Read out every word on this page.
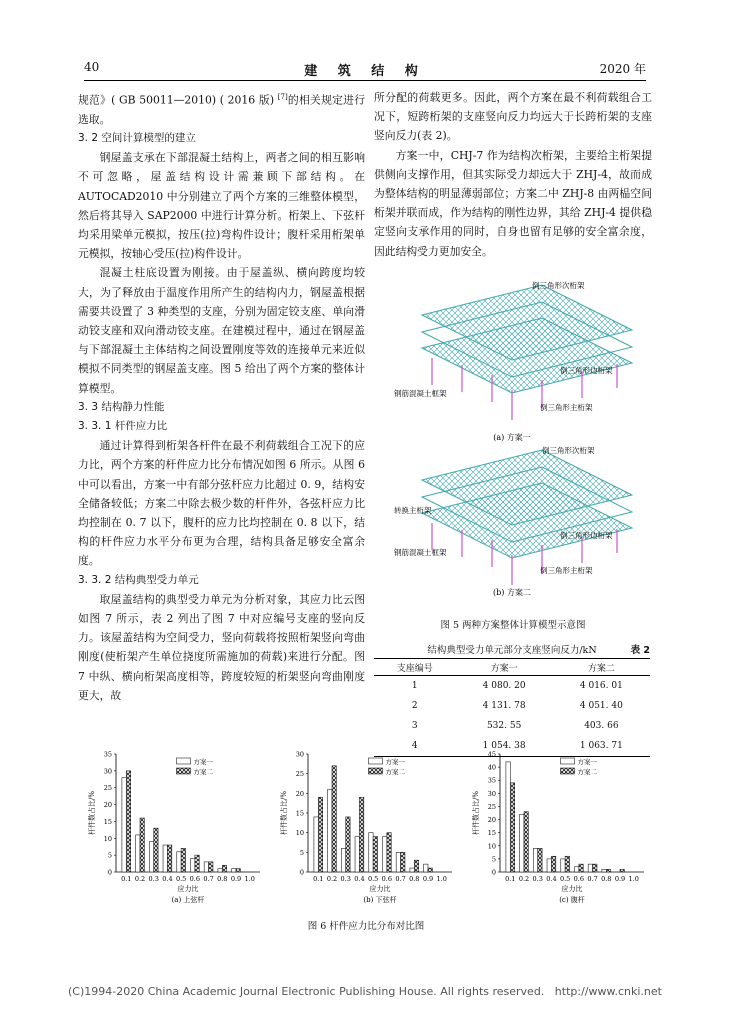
40	建 筑 结 构	2020 年

规范》( GB 50011—2010) ( 2016 版) [7]的相关规定进行选取。

3. 2 空间计算模型的建立

钢屋盖支承在下部混凝土结构上，两者之间的相互影响不可忽略，屋盖结构设计需兼顾下部结构。在 AUTOCAD2010 中分别建立了两个方案的三维整体模型，然后将其导入 SAP2000 中进行计算分析。桁架上、下弦杆均采用梁单元模拟，按压(拉)弯构件设计；腹杆采用桁架单元模拟，按轴心受压(拉)构件设计。

混凝土柱底设置为刚接。由于屋盖纵、横向跨度均较大，为了释放由于温度作用所产生的结构内力，钢屋盖根据需要共设置了 3 种类型的支座，分别为固定铰支座、单向滑动铰支座和双向滑动铰支座。在建模过程中，通过在钢屋盖与下部混凝土主体结构之间设置刚度等效的连接单元来近似模拟不同类型的钢屋盖支座。图 5 给出了两个方案的整体计算模型。

3. 3 结构静力性能

3. 3. 1 杆件应力比

通过计算得到桁架各杆件在最不利荷载组合工况下的应力比，两个方案的杆件应力比分布情况如图 6 所示。从图 6 中可以看出，方案一中有部分弦杆应力比超过 0. 9，结构安全储备较低；方案二中除去极少数的杆件外，各弦杆应力比均控制在 0. 7 以下，腹杆的应力比均控制在 0. 8 以下，结构的杆件应力水平分布更为合理，结构具备足够安全富余度。

3. 3. 2 结构典型受力单元

取屋盖结构的典型受力单元为分析对象，其应力比云图如图 7 所示，表 2 列出了图 7 中对应编号支座的竖向反力。该屋盖结构为空间受力，竖向荷载将按照桁架竖向弯曲刚度(使桁架产生单位挠度所需施加的荷载)来进行分配。图 7 中纵、横向桁架高度相等，跨度较短的桁架竖向弯曲刚度更大，故

所分配的荷载更多。因此，两个方案在最不利荷载组合工况下，短跨桁架的支座竖向反力均远大于长跨桁架的支座竖向反力(表 2)。

方案一中，CHJ-7 作为结构次桁架，主要给主桁架提供侧向支撑作用，但其实际受力却远大于 ZHJ-4，故而成为整体结构的明显薄弱部位；方案二中 ZHJ-8 由两榀空间桁架并联而成，作为结构的刚性边界，其给 ZHJ-4 提供稳定竖向支承作用的同时，自身也留有足够的安全富余度，因此结构受力更加安全。

倒三角形次桁架
倒三角形边桁架
钢筋混凝土框架
倒三角形主桁架
(a) 方案一
倒三角形次桁架
转换主桁架
倒三角形边桁架
钢筋混凝土框架
倒三角形主桁架
(b) 方案二
图 5 两种方案整体计算模型示意图
结构典型受力单元部分支座竖向反力/kN	表 2
支座编号	方案一	方案二
1	4 080. 20	4 016. 01
2	4 131. 78	4 051. 40
3	532. 55	403. 66
4	1 054. 38	1 063. 71
0
5
10
15
20
25
30
35
杆件数占比/%
0.1 0.2 0.3 0.4 0.5 0.6 0.7 0.8 0.9 1.0
应力比
(a) 上弦杆
方案一
方案二
0
5
10
15
20
25
30
杆件数占比/%
0.1 0.2 0.3 0.4 0.5 0.6 0.7 0.8 0.9 1.0
应力比
(b) 下弦杆
方案一
方案二
0
5
10
15
20
25
30
35
40
45
杆件数占比/%
0.1 0.2 0.3 0.4 0.5 0.6 0.7 0.8 0.9 1.0
应力比
(c) 腹杆
方案一
方案二
图 6 杆件应力比分布对比图
(C)1994-2020 China Academic Journal Electronic Publishing House. All rights reserved.   http://www.cnki.net
